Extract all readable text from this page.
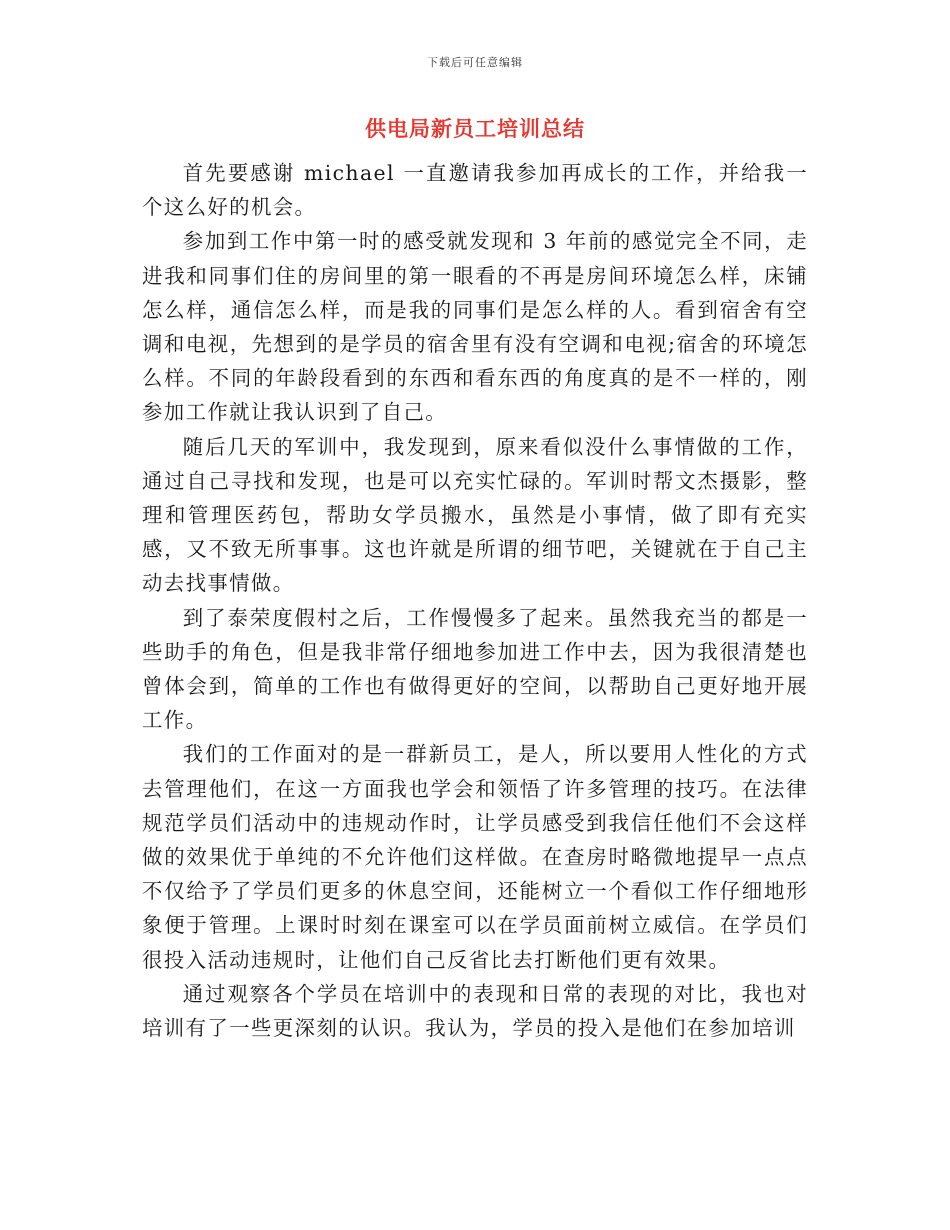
下载后可任意编辑
供电局新员工培训总结

首先要感谢 michael 一直邀请我参加再成长的工作，并给我一个这么好的机会。

参加到工作中第一时的感受就发现和 3 年前的感觉完全不同，走进我和同事们住的房间里的第一眼看的不再是房间环境怎么样，床铺怎么样，通信怎么样，而是我的同事们是怎么样的人。看到宿舍有空调和电视，先想到的是学员的宿舍里有没有空调和电视;宿舍的环境怎么样。不同的年龄段看到的东西和看东西的角度真的是不一样的，刚参加工作就让我认识到了自己。

随后几天的军训中，我发现到，原来看似没什么事情做的工作，通过自己寻找和发现，也是可以充实忙碌的。军训时帮文杰摄影，整理和管理医药包，帮助女学员搬水，虽然是小事情，做了即有充实感，又不致无所事事。这也许就是所谓的细节吧，关键就在于自己主动去找事情做。

到了泰荣度假村之后，工作慢慢多了起来。虽然我充当的都是一些助手的角色，但是我非常仔细地参加进工作中去，因为我很清楚也曾体会到，简单的工作也有做得更好的空间，以帮助自己更好地开展工作。

我们的工作面对的是一群新员工，是人，所以要用人性化的方式去管理他们，在这一方面我也学会和领悟了许多管理的技巧。在法律规范学员们活动中的违规动作时，让学员感受到我信任他们不会这样做的效果优于单纯的不允许他们这样做。在查房时略微地提早一点点不仅给予了学员们更多的休息空间，还能树立一个看似工作仔细地形象便于管理。上课时时刻在课室可以在学员面前树立威信。在学员们很投入活动违规时，让他们自己反省比去打断他们更有效果。

通过观察各个学员在培训中的表现和日常的表现的对比，我也对培训有了一些更深刻的认识。我认为，学员的投入是他们在参加培训
